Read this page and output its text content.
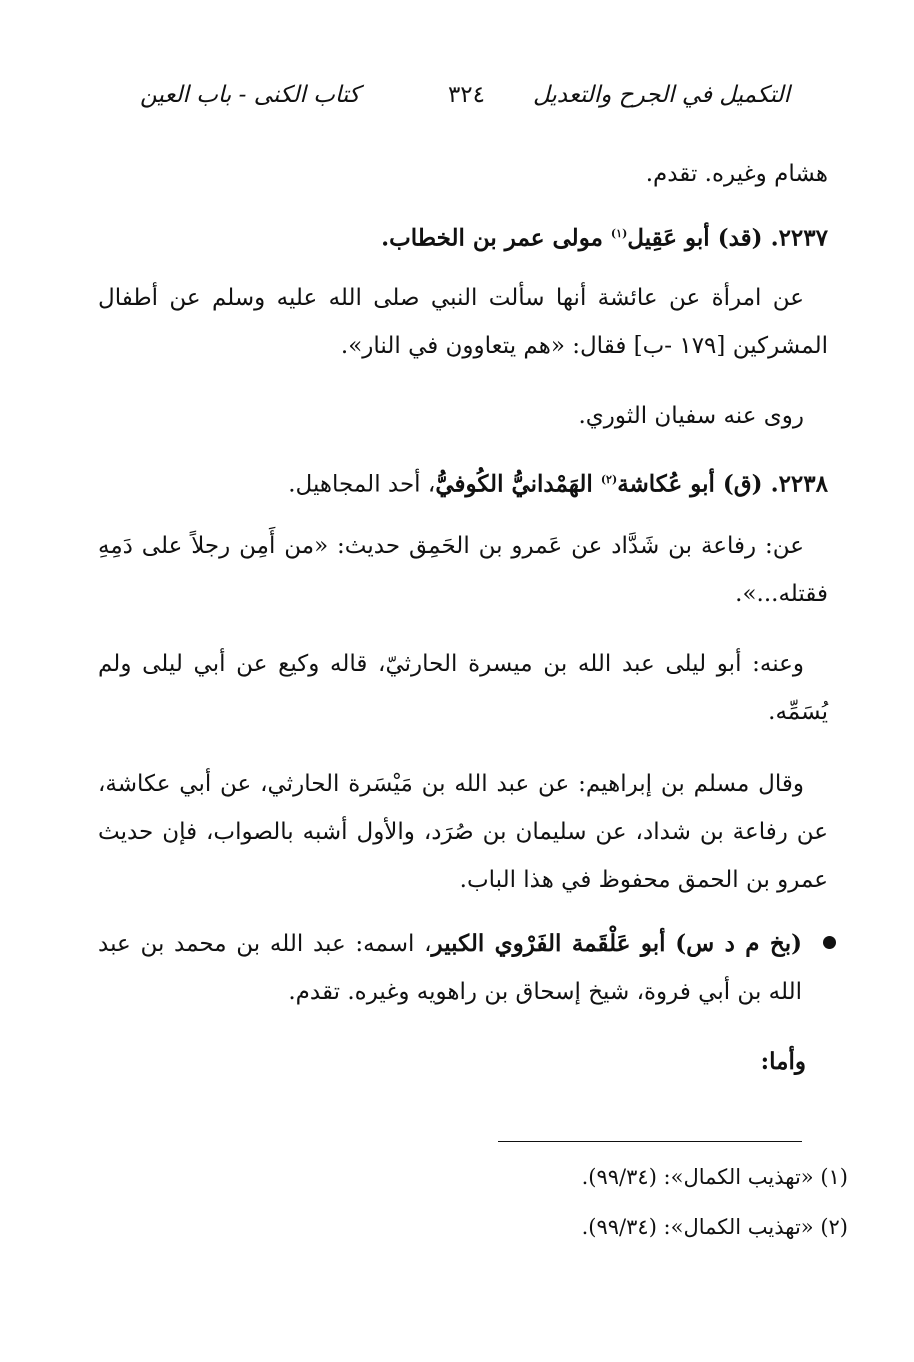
التكميل في الجرح والتعديل
٣٢٤
كتاب الكنى - باب العين
هشام وغيره. تقدم.
٢٢٣٧. (قد) أبو عَقِيل$^{(١)}$ مولى عمر بن الخطاب.
عن امرأة عن عائشة أنها سألت النبي صلى الله عليه وسلم عن أطفال المشركين [١٧٩ -ب] فقال: «هم يتعاوون في النار».
روى عنه سفيان الثوري.
٢٢٣٨. (ق) أبو عُكاشة$^{(٢)}$ الهَمْدانيُّ الكُوفيُّ، أحد المجاهيل.
عن: رفاعة بن شَدَّاد عن عَمرو بن الحَمِق حديث: «من أَمِن رجلاً على دَمِهِ فقتله...».
وعنه: أبو ليلى عبد الله بن ميسرة الحارثيّ، قاله وكيع عن أبي ليلى ولم يُسَمِّه.
وقال مسلم بن إبراهيم: عن عبد الله بن مَيْسَرة الحارثي، عن أبي عكاشة، عن رفاعة بن شداد، عن سليمان بن صُرَد، والأول أشبه بالصواب، فإن حديث عمرو بن الحمق محفوظ في هذا الباب.
(بخ م د س) أبو عَلْقَمة الفَرْوي الكبير، اسمه: عبد الله بن محمد بن عبد الله بن أبي فروة، شيخ إسحاق بن راهويه وغيره. تقدم.
وأما:
(١) «تهذيب الكمال»: (٩٩/٣٤).
(٢) «تهذيب الكمال»: (٩٩/٣٤).
